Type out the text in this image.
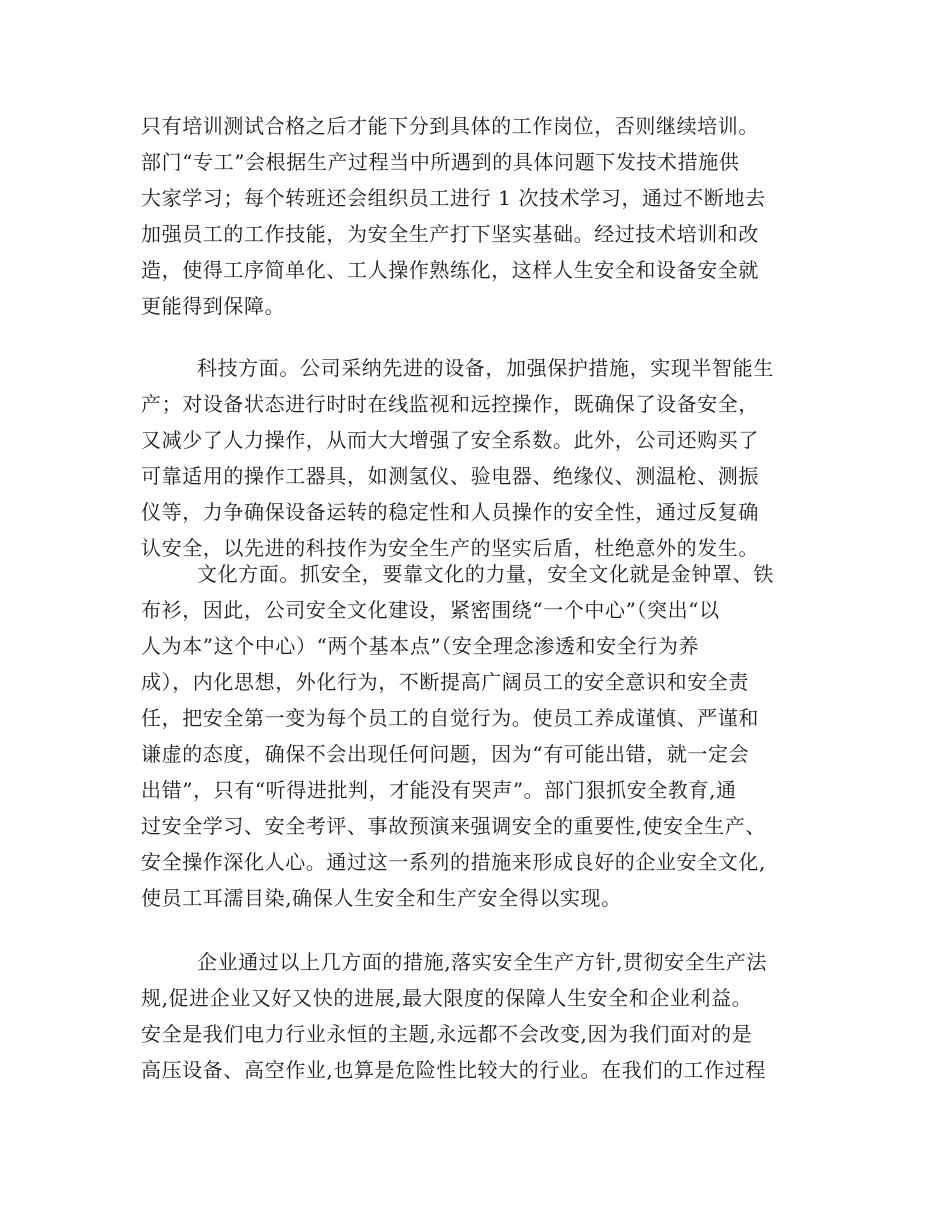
只有培训测试合格之后才能下分到具体的工作岗位，否则继续培训。
部门“专工”会根据生产过程当中所遇到的具体问题下发技术措施供
大家学习；每个转班还会组织员工进行 1 次技术学习，通过不断地去
加强员工的工作技能，为安全生产打下坚实基础。经过技术培训和改
造，使得工序简单化、工人操作熟练化，这样人生安全和设备安全就
更能得到保障。
科技方面。公司采纳先进的设备，加强保护措施，实现半智能生
产；对设备状态进行时时在线监视和远控操作，既确保了设备安全，
又减少了人力操作，从而大大增强了安全系数。此外，公司还购买了
可靠适用的操作工器具，如测氢仪、验电器、绝缘仪、测温枪、测振
仪等，力争确保设备运转的稳定性和人员操作的安全性，通过反复确
认安全，以先进的科技作为安全生产的坚实后盾，杜绝意外的发生。
文化方面。抓安全，要靠文化的力量，安全文化就是金钟罩、铁
布衫，因此，公司安全文化建设，紧密围绕“一个中心”（突出“以
人为本”这个中心）“两个基本点”（安全理念渗透和安全行为养
成），内化思想，外化行为，不断提高广阔员工的安全意识和安全责
任，把安全第一变为每个员工的自觉行为。使员工养成谨慎、严谨和
谦虚的态度，确保不会出现任何问题，因为“有可能出错，就一定会
出错”，只有“听得进批判，才能没有哭声”。部门狠抓安全教育,通
过安全学习、安全考评、事故预演来强调安全的重要性,使安全生产、
安全操作深化人心。通过这一系列的措施来形成良好的企业安全文化,
使员工耳濡目染,确保人生安全和生产安全得以实现。
企业通过以上几方面的措施,落实安全生产方针,贯彻安全生产法
规,促进企业又好又快的进展,最大限度的保障人生安全和企业利益。
安全是我们电力行业永恒的主题,永远都不会改变,因为我们面对的是
高压设备、高空作业,也算是危险性比较大的行业。在我们的工作过程
